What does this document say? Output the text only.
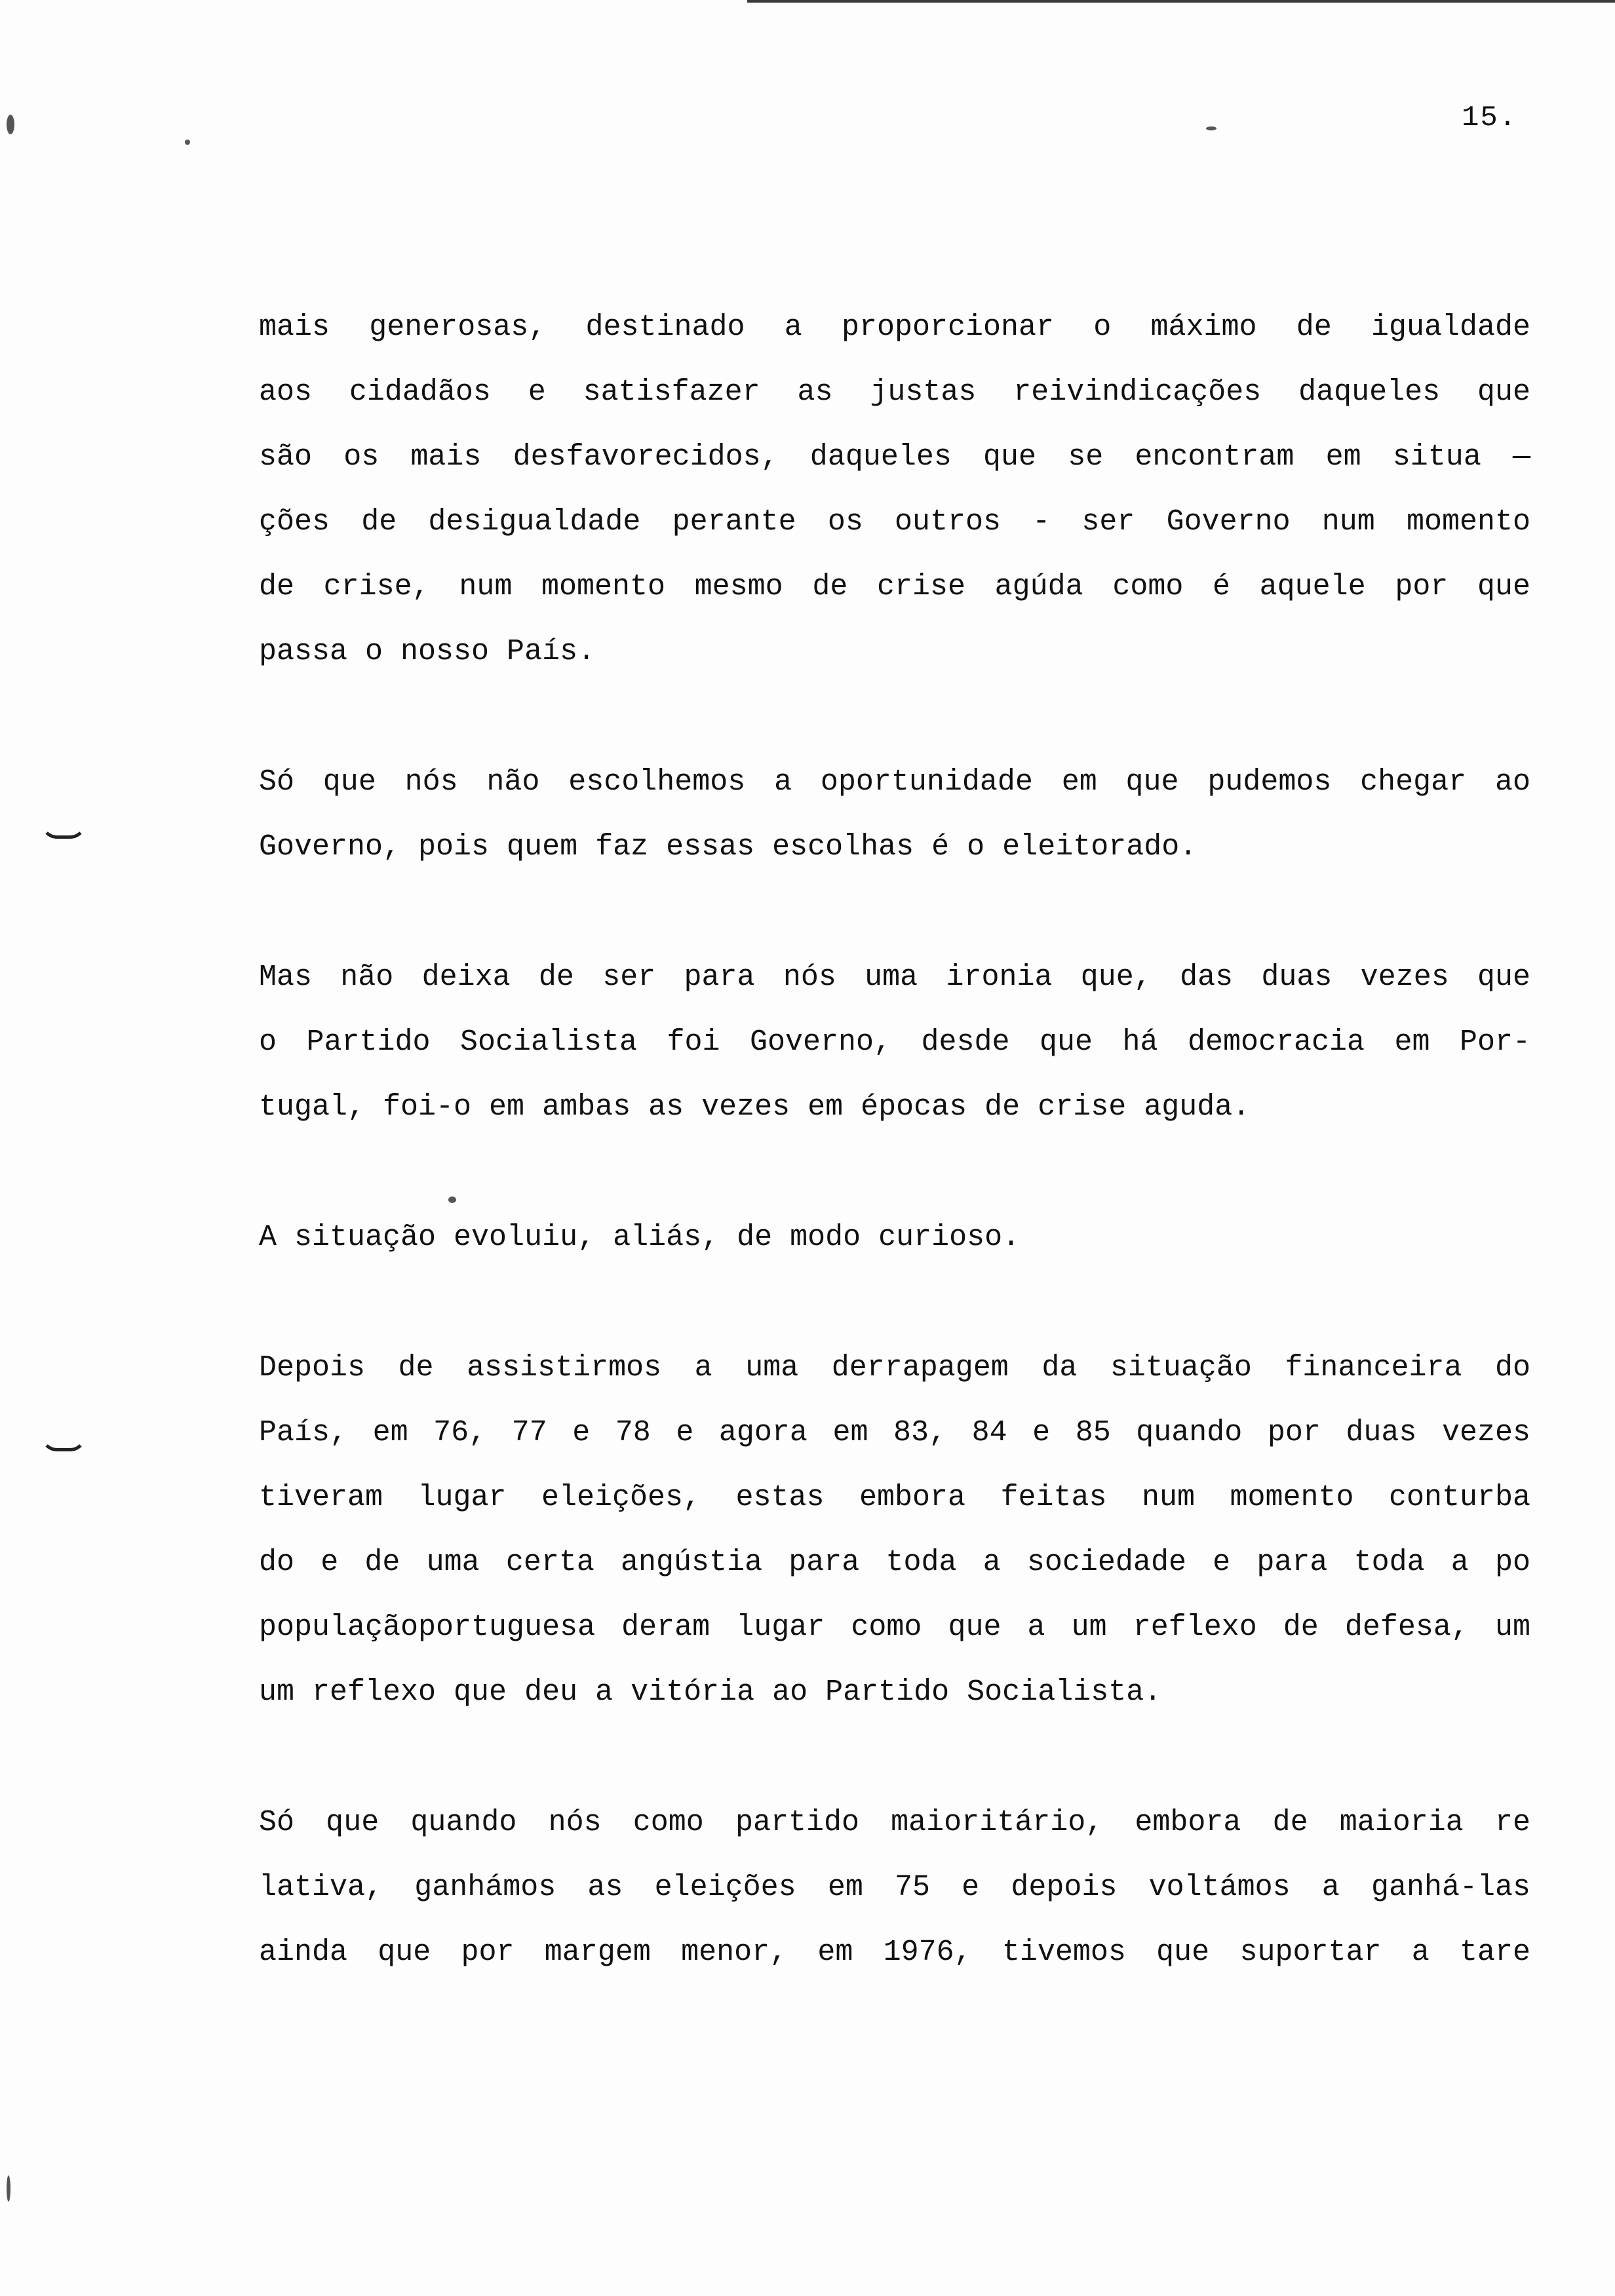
15.

mais generosas, destinado a proporcionar o máximo de igualdade
aos cidadãos e satisfazer as justas reivindicações daqueles que
são os mais desfavorecidos, daqueles que se encontram em situa —
ções de desigualdade perante os outros - ser Governo num momento
de crise, num momento mesmo de crise agúda como é aquele por que
passa o nosso País.

Só que nós não escolhemos a oportunidade em que pudemos chegar ao
Governo, pois quem faz essas escolhas é o eleitorado.

Mas não deixa de ser para nós uma ironia que, das duas vezes que
o Partido Socialista foi Governo, desde que há democracia em Por-
tugal, foi-o em ambas as vezes em épocas de crise aguda.

A situação evoluiu, aliás, de modo curioso.

Depois de assistirmos a uma derrapagem da situação financeira do
País, em 76, 77 e 78 e agora em 83, 84 e 85 quando por duas vezes
tiveram lugar eleições, estas embora feitas num momento conturba
do e de uma certa angústia para toda a sociedade e para toda a po
populaçãoportuguesa deram lugar como que a um reflexo de defesa, um
um reflexo que deu a vitória ao Partido Socialista.

Só que quando nós como partido maioritário, embora de maioria re
lativa, ganhámos as eleições em 75 e depois voltámos a ganhá-las
ainda que por margem menor, em 1976, tivemos que suportar a tare
